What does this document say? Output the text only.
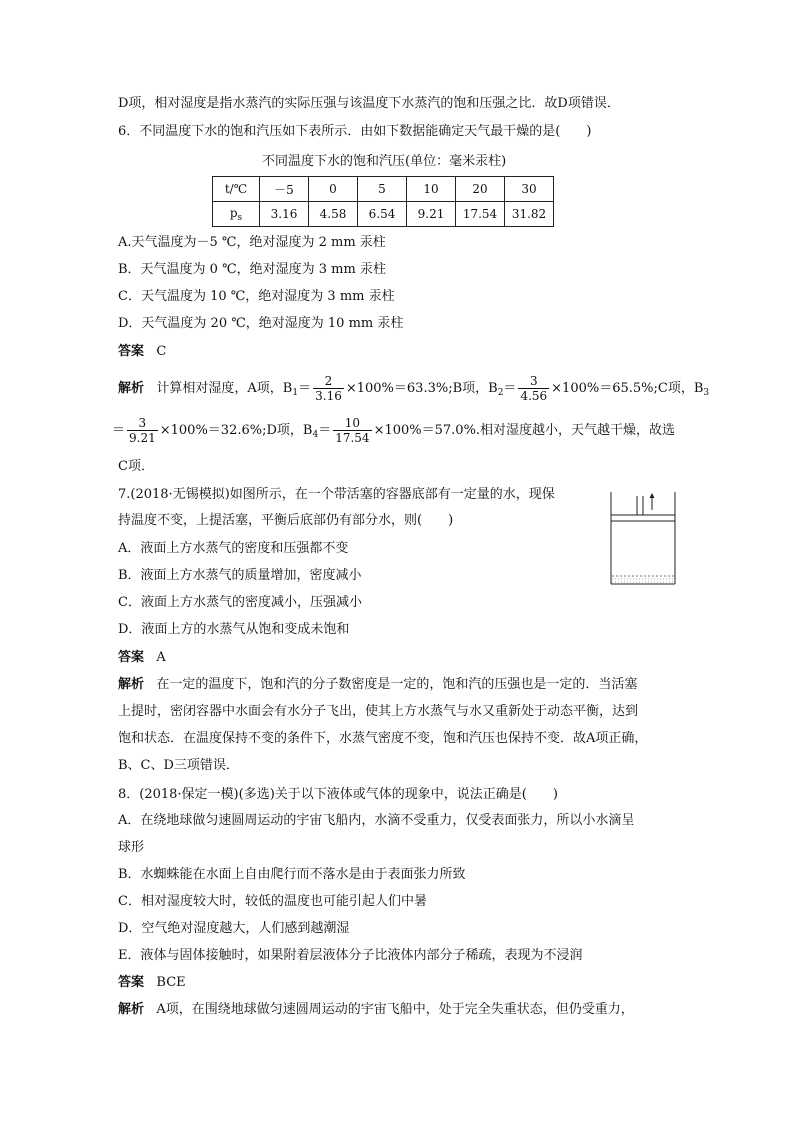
D项，相对湿度是指水蒸汽的实际压强与该温度下水蒸汽的饱和压强之比．故D项错误．
6．不同温度下水的饱和汽压如下表所示．由如下数据能确定天气最干燥的是(　　)
不同温度下水的饱和汽压(单位：毫米汞柱)
t/℃	－5	0	5	10	20	30
$p_s$	3.16	4.58	6.54	9.21	17.54	31.82
A.天气温度为－5 ℃，绝对湿度为 2 mm 汞柱
B．天气温度为 0 ℃，绝对湿度为 3 mm 汞柱
C．天气温度为 10 ℃，绝对湿度为 3 mm 汞柱
D．天气温度为 20 ℃，绝对湿度为 10 mm 汞柱
答案 C
解析 计算相对湿度，A项，$B_1= \frac{2}{3.16}$ ×100%＝63.3%;B项，$B_2= \frac{3}{4.56}$ ×100%＝65.5%;C项，$B_3$
＝ $\frac{3}{9.21}$ ×100%＝32.6%;D项，$B_4= \frac{10}{17.54} \times 100\%=57.0\%$.相对湿度越小，天气越干燥，故选
C项．
7.(2018·无锡模拟)如图所示，在一个带活塞的容器底部有一定量的水，现保
持温度不变，上提活塞，平衡后底部仍有部分水，则(　　)
A．液面上方水蒸气的密度和压强都不变
B．液面上方水蒸气的质量增加，密度减小
C．液面上方水蒸气的密度减小，压强减小
D．液面上方的水蒸气从饱和变成未饱和
答案 A
解析 在一定的温度下，饱和汽的分子数密度是一定的，饱和汽的压强也是一定的．当活塞
上提时，密闭容器中水面会有水分子飞出，使其上方水蒸气与水又重新处于动态平衡，达到
饱和状态．在温度保持不变的条件下，水蒸气密度不变，饱和汽压也保持不变．故A项正确，
B、C、D三项错误．
8．(2018·保定一模)(多选)关于以下液体或气体的现象中，说法正确是(　　)
A．在绕地球做匀速圆周运动的宇宙飞船内，水滴不受重力，仅受表面张力，所以小水滴呈
球形
B．水蜘蛛能在水面上自由爬行而不落水是由于表面张力所致
C．相对湿度较大时，较低的温度也可能引起人们中暑
D．空气绝对湿度越大，人们感到越潮湿
E．液体与固体接触时，如果附着层液体分子比液体内部分子稀疏，表现为不浸润
答案 BCE
解析 A项，在围绕地球做匀速圆周运动的宇宙飞船中，处于完全失重状态，但仍受重力，
